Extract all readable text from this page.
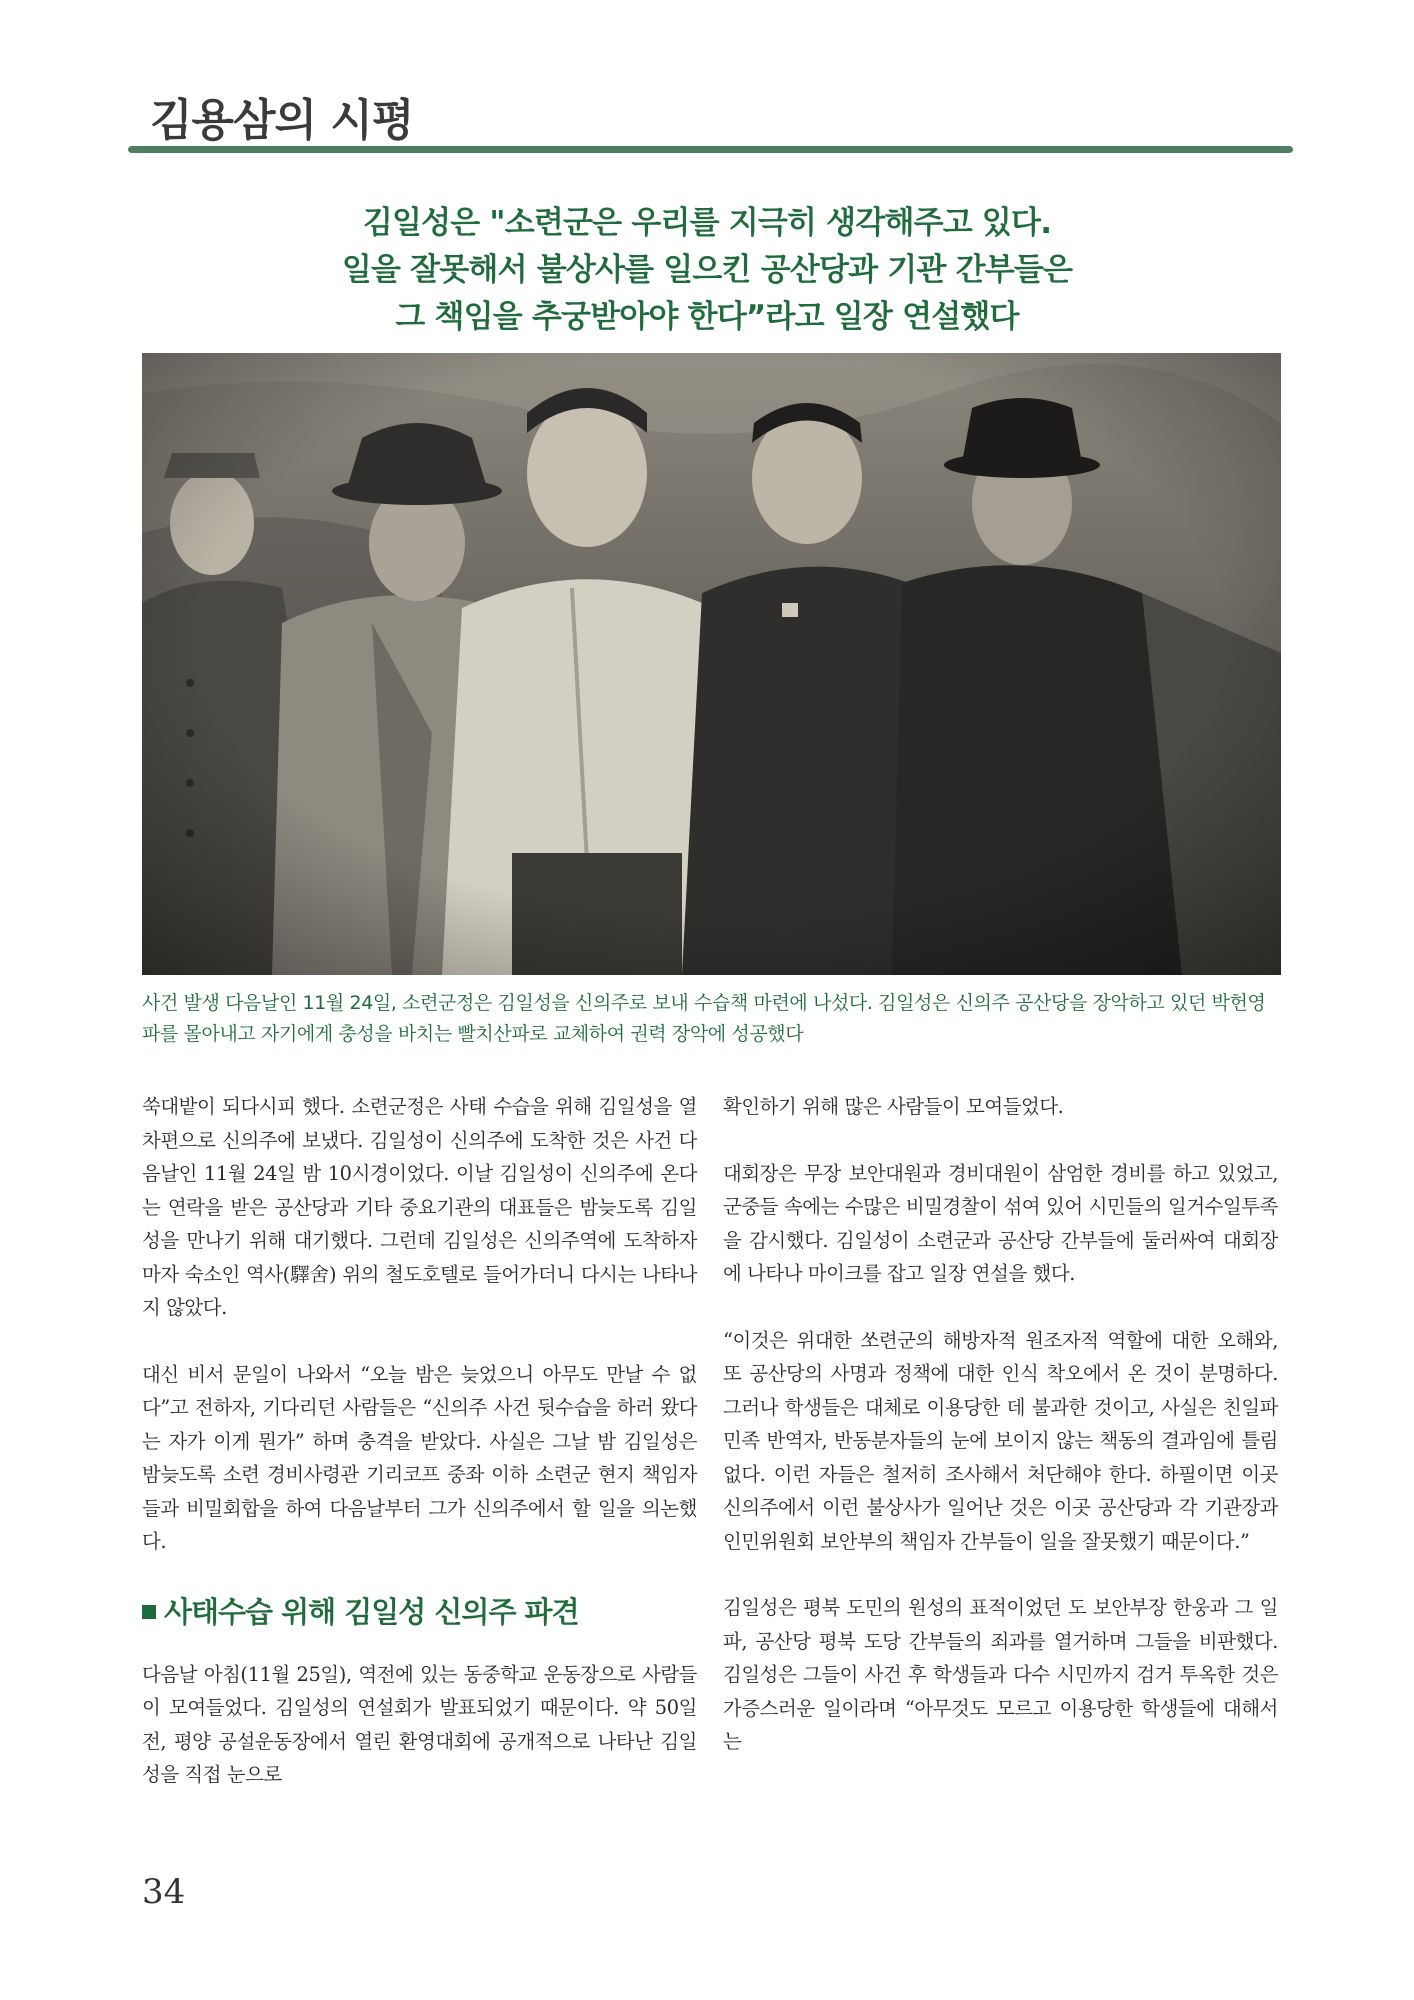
김용삼의 시평
김일성은 "소련군은 우리를 지극히 생각해주고 있다.
일을 잘못해서 불상사를 일으킨 공산당과 기관 간부들은
그 책임을 추궁받아야 한다”라고 일장 연설했다
사건 발생 다음날인 11월 24일, 소련군정은 김일성을 신의주로 보내 수습책 마련에 나섰다. 김일성은 신의주 공산당을 장악하고 있던 박헌영 파를 몰아내고 자기에게 충성을 바치는 빨치산파로 교체하여 권력 장악에 성공했다

쑥대밭이 되다시피 했다. 소련군정은 사태 수습을 위해 김일성을 열차편으로 신의주에 보냈다. 김일성이 신의주에 도착한 것은 사건 다음날인 11월 24일 밤 10시경이었다. 이날 김일성이 신의주에 온다는 연락을 받은 공산당과 기타 중요기관의 대표들은 밤늦도록 김일성을 만나기 위해 대기했다. 그런데 김일성은 신의주역에 도착하자마자 숙소인 역사(驛舍) 위의 철도호텔로 들어가더니 다시는 나타나지 않았다.

대신 비서 문일이 나와서 “오늘 밤은 늦었으니 아무도 만날 수 없다”고 전하자, 기다리던 사람들은 “신의주 사건 뒷수습을 하러 왔다는 자가 이게 뭔가” 하며 충격을 받았다. 사실은 그날 밤 김일성은 밤늦도록 소련 경비사령관 기리코프 중좌 이하 소련군 현지 책임자들과 비밀회합을 하여 다음날부터 그가 신의주에서 할 일을 의논했다.

사태수습 위해 김일성 신의주 파견

다음날 아침(11월 25일), 역전에 있는 동중학교 운동장으로 사람들이 모여들었다. 김일성의 연설회가 발표되었기 때문이다. 약 50일 전, 평양 공설운동장에서 열린 환영대회에 공개적으로 나타난 김일성을 직접 눈으로

확인하기 위해 많은 사람들이 모여들었다.

대회장은 무장 보안대원과 경비대원이 삼엄한 경비를 하고 있었고, 군중들 속에는 수많은 비밀경찰이 섞여 있어 시민들의 일거수일투족을 감시했다. 김일성이 소련군과 공산당 간부들에 둘러싸여 대회장에 나타나 마이크를 잡고 일장 연설을 했다.

“이것은 위대한 쏘련군의 해방자적 원조자적 역할에 대한 오해와, 또 공산당의 사명과 정책에 대한 인식 착오에서 온 것이 분명하다. 그러나 학생들은 대체로 이용당한 데 불과한 것이고, 사실은 친일파 민족 반역자, 반동분자들의 눈에 보이지 않는 책동의 결과임에 틀림없다. 이런 자들은 철저히 조사해서 처단해야 한다. 하필이면 이곳 신의주에서 이런 불상사가 일어난 것은 이곳 공산당과 각 기관장과 인민위원회 보안부의 책임자 간부들이 일을 잘못했기 때문이다.”

김일성은 평북 도민의 원성의 표적이었던 도 보안부장 한웅과 그 일파, 공산당 평북 도당 간부들의 죄과를 열거하며 그들을 비판했다. 김일성은 그들이 사건 후 학생들과 다수 시민까지 검거 투옥한 것은 가증스러운 일이라며 “아무것도 모르고 이용당한 학생들에 대해서는

34
